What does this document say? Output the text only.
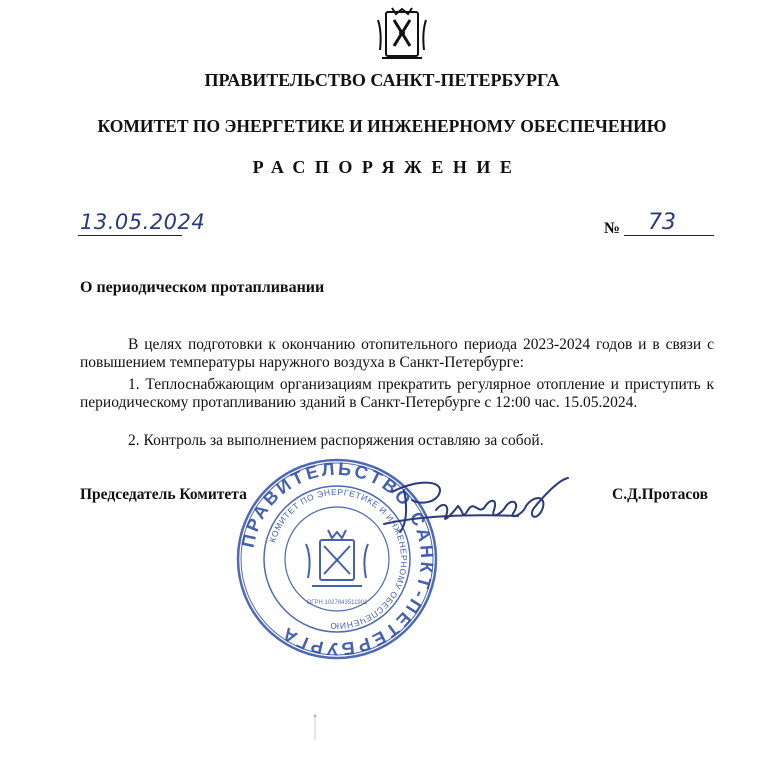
ПРАВИТЕЛЬСТВО САНКТ-ПЕТЕРБУРГА
КОМИТЕТ ПО ЭНЕРГЕТИКЕ И ИНЖЕНЕРНОМУ ОБЕСПЕЧЕНИЮ
РАСПОРЯЖЕНИЕ
13.05.2024	№ 73
О периодическом протапливании
В целях подготовки к окончанию отопительного периода 2023-2024 годов и в связи с повышением температуры наружного воздуха в Санкт-Петербурге:
1. Теплоснабжающим организациям прекратить регулярное отопление и приступить к периодическому протапливанию зданий в Санкт-Петербурге с 12:00 час. 15.05.2024.
2. Контроль за выполнением распоряжения оставляю за собой.
ПРАВИТЕЛЬСТВО САНКТ-ПЕТЕРБУРГА
КОМИТЕТ ПО ЭНЕРГЕТИКЕ И ИНЖЕНЕРНОМУ ОБЕСПЕЧЕНИЮ
ОГРН 1027843511901
Председатель Комитета	С.Д.Протасов
